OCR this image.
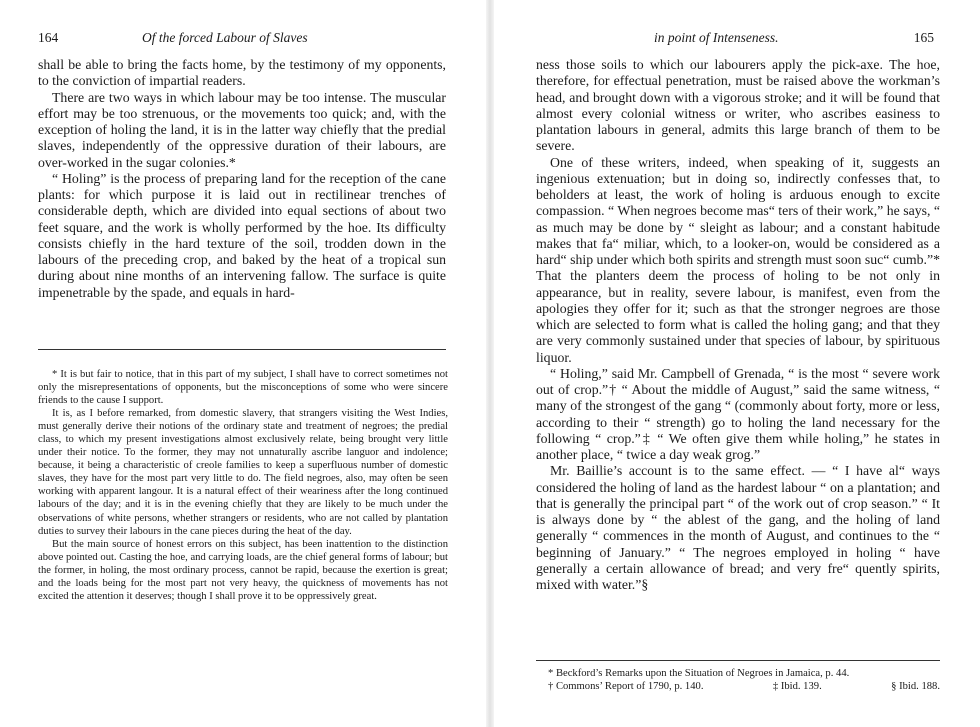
164	Of the forced Labour of Slaves

shall be able to bring the facts home, by the testimony of my opponents, to the conviction of impartial readers.

There are two ways in which labour may be too intense. The muscular effort may be too strenuous, or the movements too quick; and, with the exception of holing the land, it is in the latter way chiefly that the predial slaves, independently of the oppressive duration of their labours, are over-worked in the sugar colonies.*

“ Holing” is the process of preparing land for the reception of the cane plants: for which purpose it is laid out in rectilinear trenches of considerable depth, which are divided into equal sections of about two feet square, and the work is wholly performed by the hoe. Its difficulty consists chiefly in the hard texture of the soil, trodden down in the labours of the preceding crop, and baked by the heat of a tropical sun during about nine months of an intervening fallow. The surface is quite impenetrable by the spade, and equals in hard-

* It is but fair to notice, that in this part of my subject, I shall have to correct sometimes not only the misrepresentations of opponents, but the misconceptions of some who were sincere friends to the cause I support.

It is, as I before remarked, from domestic slavery, that strangers visiting the West Indies, must generally derive their notions of the ordinary state and treatment of negroes; the predial class, to which my present investigations almost exclusively relate, being brought very little under their notice. To the former, they may not unnaturally ascribe languor and indolence; because, it being a characteristic of creole families to keep a superfluous number of domestic slaves, they have for the most part very little to do. The field negroes, also, may often be seen working with apparent langour. It is a natural effect of their weariness after the long continued labours of the day; and it is in the evening chiefly that they are likely to be much under the observations of white persons, whether strangers or residents, who are not called by plantation duties to survey their labours in the cane pieces during the heat of the day.

But the main source of honest errors on this subject, has been inattention to the distinction above pointed out. Casting the hoe, and carrying loads, are the chief general forms of labour; but the former, in holing, the most ordinary process, cannot be rapid, because the exertion is great; and the loads being for the most part not very heavy, the quickness of movements has not excited the attention it deserves; though I shall prove it to be oppressively great.

in point of Intenseness.	165

ness those soils to which our labourers apply the pick-axe. The hoe, therefore, for effectual penetration, must be raised above the workman’s head, and brought down with a vigorous stroke; and it will be found that almost every colonial witness or writer, who ascribes easiness to plantation labours in general, admits this large branch of them to be severe.

One of these writers, indeed, when speaking of it, suggests an ingenious extenuation; but in doing so, indirectly confesses that, to beholders at least, the work of holing is arduous enough to excite compassion. “ When negroes become mas“ ters of their work,” he says, “ as much may be done by “ sleight as labour; and a constant habitude makes that fa“ miliar, which, to a looker-on, would be considered as a hard“ ship under which both spirits and strength must soon suc“ cumb.”* That the planters deem the process of holing to be not only in appearance, but in reality, severe labour, is manifest, even from the apologies they offer for it; such as that the stronger negroes are those which are selected to form what is called the holing gang; and that they are very commonly sustained under that species of labour, by spirituous liquor.

“ Holing,” said Mr. Campbell of Grenada, “ is the most “ severe work out of crop.”† “ About the middle of August,” said the same witness, “ many of the strongest of the gang “ (commonly about forty, more or less, according to their “ strength) go to holing the land necessary for the following “ crop.”‡ “ We often give them while holing,” he states in another place, “ twice a day weak grog.”

Mr. Baillie’s account is to the same effect. — “ I have al“ ways considered the holing of land as the hardest labour “ on a plantation; and that is generally the principal part “ of the work out of crop season.” “ It is always done by “ the ablest of the gang, and the holing of land generally “ commences in the month of August, and continues to the “ beginning of January.” “ The negroes employed in holing “ have generally a certain allowance of bread; and very fre“ quently spirits, mixed with water.”§

* Beckford’s Remarks upon the Situation of Negroes in Jamaica, p. 44.

† Commons’ Report of 1790, p. 140.	‡ Ibid. 139.	§ Ibid. 188.
